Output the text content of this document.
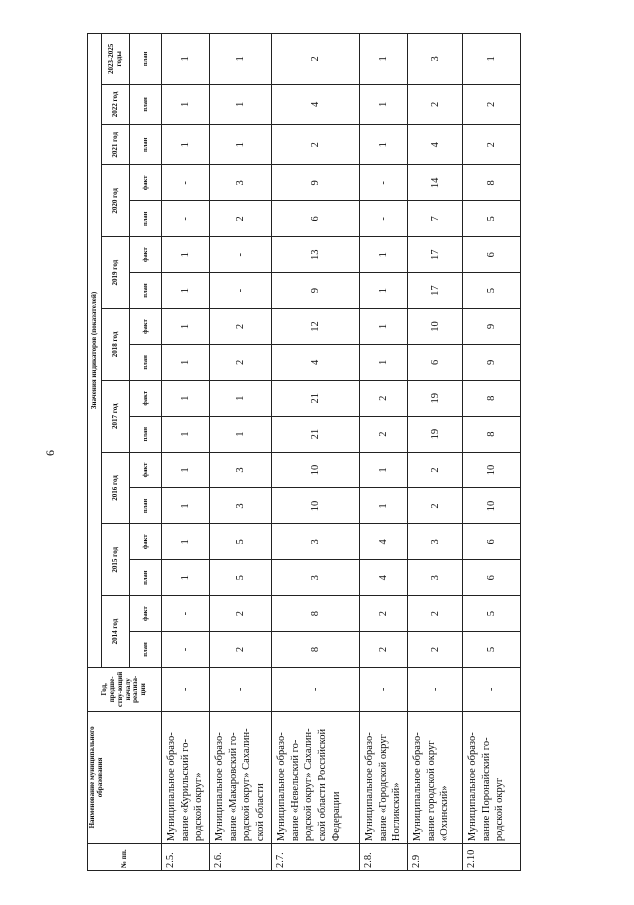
6
№ пп.	Наименование муниципального образования	Год, предше-ству-ющий началу реализа-ции	Значения индикаторов (показателей)																
			2014 год		2015 год		2016 год		2017 год		2018 год		2019 год		2020 год		2021 год	2022 год	2023-2025 годы
			план	факт	план	факт	план	факт	план	факт	план	факт	план	факт	план	факт	план	план	план
2.5.	Муниципальное образо-вание «Курильский го-родской округ»	-	-	-	1	1	1	1	1	1	1	1	1	1	-	-	1	1	1
2.6.	Муниципальное образо-вание «Макаровский го-родской округ» Сахалин-ской области	-	2	2	5	5	3	3	1	1	2	2	-	-	2	3	1	1	1
2.7.	Муниципальное образо-вание «Невельский го-родской округ» Сахалин-ской области Российской Федерации	-	8	8	3	3	10	10	21	21	4	12	9	13	6	9	2	4	2
2.8.	Муниципальное образо-вание «Городской округ Ногликский»	-	2	2	4	4	1	1	2	2	1	1	1	1	-	-	1	1	1
2.9	Муниципальное образо-вание городской округ «Охинский»	-	2	2	3	3	2	2	19	19	6	10	17	17	7	14	4	2	3
2.10	Муниципальное образо-вание Поронайский го-родской округ	-	5	5	6	6	10	10	8	8	9	9	5	6	5	8	2	2	1
